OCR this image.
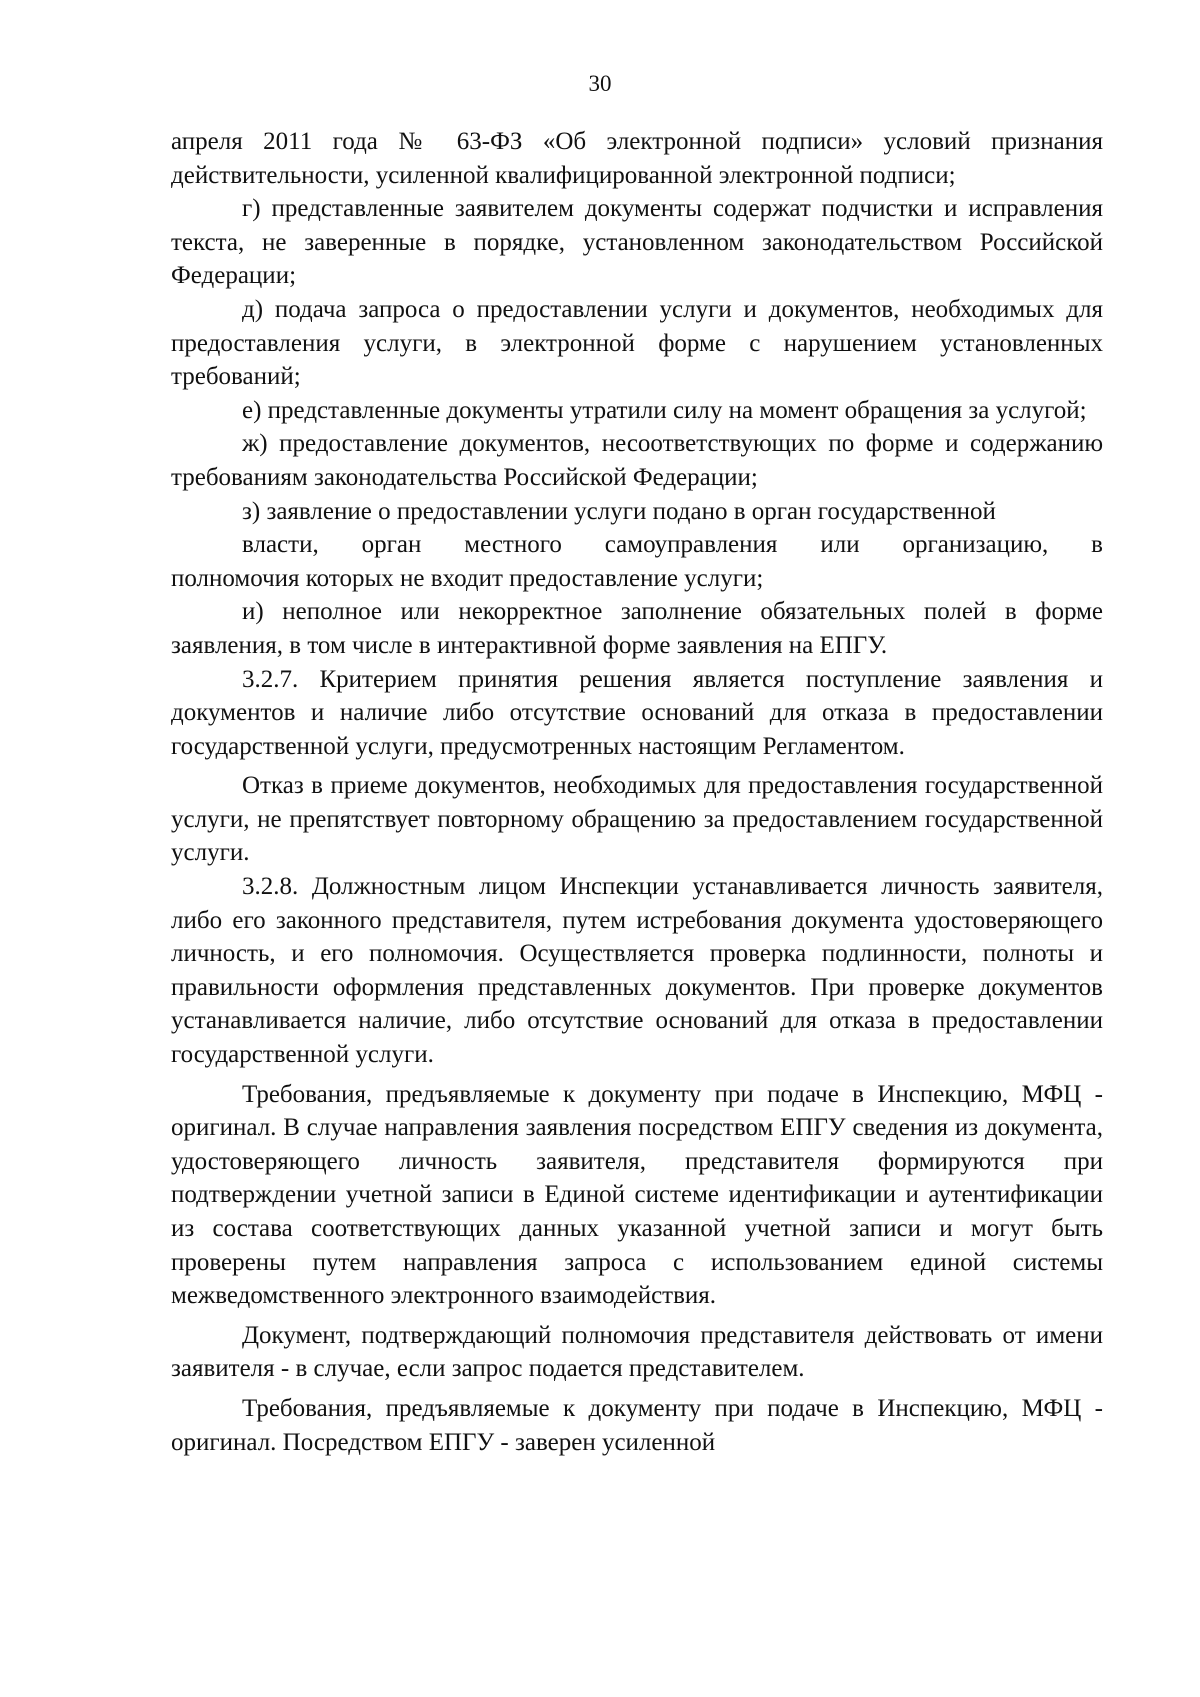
30

апреля 2011 года № 63-ФЗ «Об электронной подписи» условий признания действительности, усиленной квалифицированной электронной подписи;

г) представленные заявителем документы содержат подчистки и исправления текста, не заверенные в порядке, установленном законодательством Российской Федерации;

д) подача запроса о предоставлении услуги и документов, необходимых для предоставления услуги, в электронной форме с нарушением установленных требований;

е) представленные документы утратили силу на момент обращения за услугой;

ж) предоставление документов, несоответствующих по форме и содержанию требованиям законодательства Российской Федерации;

з) заявление о предоставлении услуги подано в орган государственной
власти, орган местного самоуправления или организацию, в
полномочия которых не входит предоставление услуги;

и) неполное или некорректное заполнение обязательных полей в форме заявления, в том числе в интерактивной форме заявления на ЕПГУ.

3.2.7. Критерием принятия решения является поступление заявления и документов и наличие либо отсутствие оснований для отказа в предоставлении государственной услуги, предусмотренных настоящим Регламентом.

Отказ в приеме документов, необходимых для предоставления государственной услуги, не препятствует повторному обращению за предоставлением государственной услуги.

3.2.8. Должностным лицом Инспекции устанавливается личность заявителя, либо его законного представителя, путем истребования документа удостоверяющего личность, и его полномочия. Осуществляется проверка подлинности, полноты и правильности оформления представленных документов. При проверке документов устанавливается наличие, либо отсутствие оснований для отказа в предоставлении государственной услуги.

Требования, предъявляемые к документу при подаче в Инспекцию, МФЦ - оригинал. В случае направления заявления посредством ЕПГУ сведения из документа, удостоверяющего личность заявителя, представителя формируются при подтверждении учетной записи в Единой системе идентификации и аутентификации из состава соответствующих данных указанной учетной записи и могут быть проверены путем направления запроса с использованием единой системы межведомственного электронного взаимодействия.

Документ, подтверждающий полномочия представителя действовать от имени заявителя - в случае, если запрос подается представителем.

Требования, предъявляемые к документу при подаче в Инспекцию, МФЦ - оригинал. Посредством ЕПГУ - заверен усиленной
